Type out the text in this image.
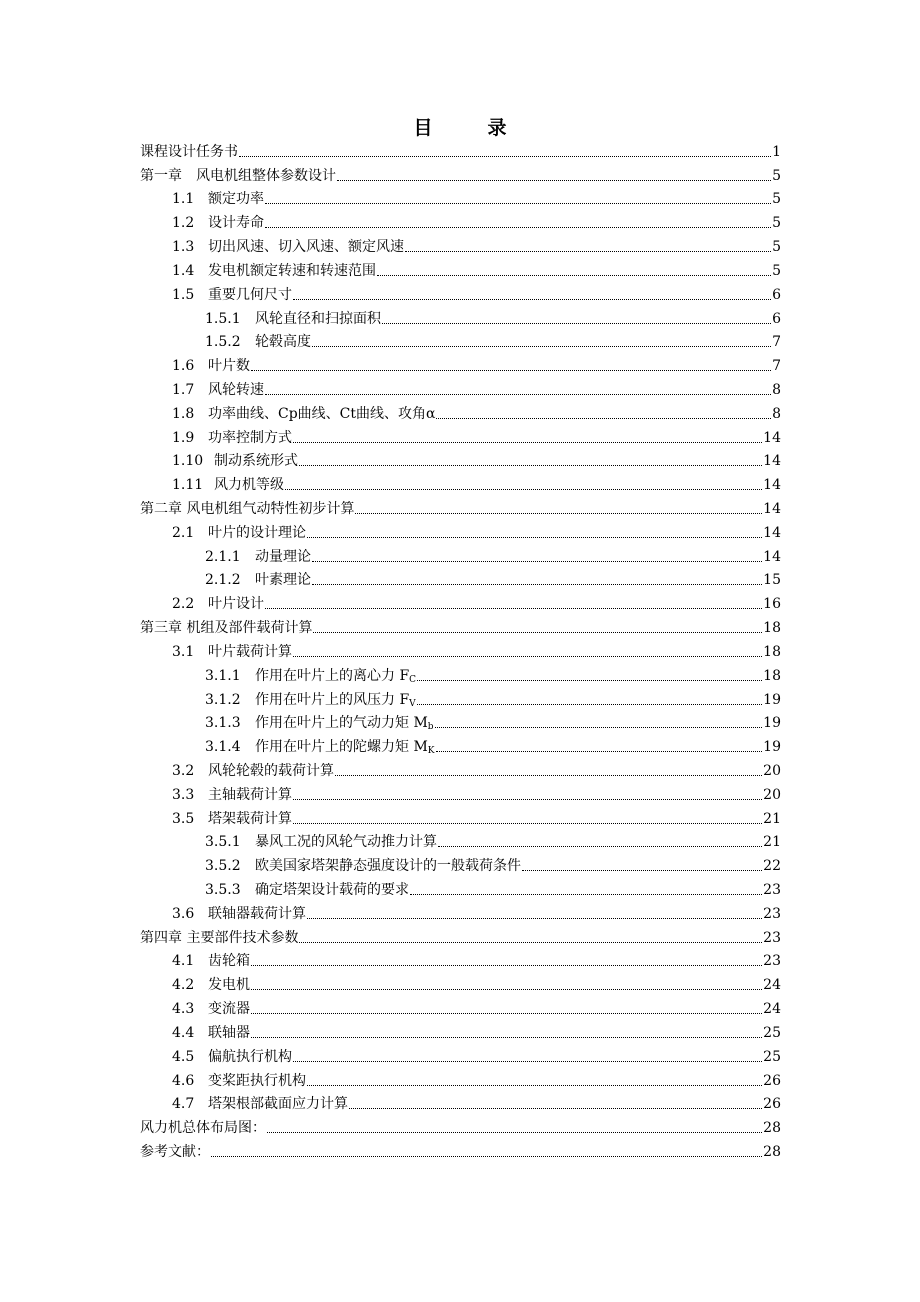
目　录
课程设计任务书	1
第一章　风电机组整体参数设计	5
1.1 额定功率	5
1.2 设计寿命	5
1.3 切出风速、切入风速、额定风速	5
1.4 发电机额定转速和转速范围	5
1.5 重要几何尺寸	6
1.5.1	风轮直径和扫掠面积	6
1.5.2	轮毂高度	7
1.6 叶片数	7
1.7 风轮转速	8
1.8 功率曲线、Cp曲线、Ct曲线、攻角α	8
1.9 功率控制方式	14
1.10 制动系统形式	14
1.11 风力机等级	14
第二章 风电机组气动特性初步计算	14
2.1 叶片的设计理论	14
2.1.1	动量理论	14
2.1.2	叶素理论	15
2.2 叶片设计	16
第三章 机组及部件载荷计算	18
3.1 叶片载荷计算	18
3.1.1	作用在叶片上的离心力 $F_C$	18
3.1.2	作用在叶片上的风压力 $F_V$	19
3.1.3	作用在叶片上的气动力矩 $M_b$	19
3.1.4	作用在叶片上的陀螺力矩 $M_K$	19
3.2 风轮轮毂的载荷计算	20
3.3 主轴载荷计算	20
3.5 塔架载荷计算	21
3.5.1	暴风工况的风轮气动推力计算	21
3.5.2	欧美国家塔架静态强度设计的一般载荷条件	22
3.5.3	确定塔架设计载荷的要求	23
3.6 联轴器载荷计算	23
第四章 主要部件技术参数	23
4.1 齿轮箱	23
4.2 发电机	24
4.3 变流器	24
4.4 联轴器	25
4.5 偏航执行机构	25
4.6 变桨距执行机构	26
4.7 塔架根部截面应力计算	26
风力机总体布局图：	28
参考文献：	28
